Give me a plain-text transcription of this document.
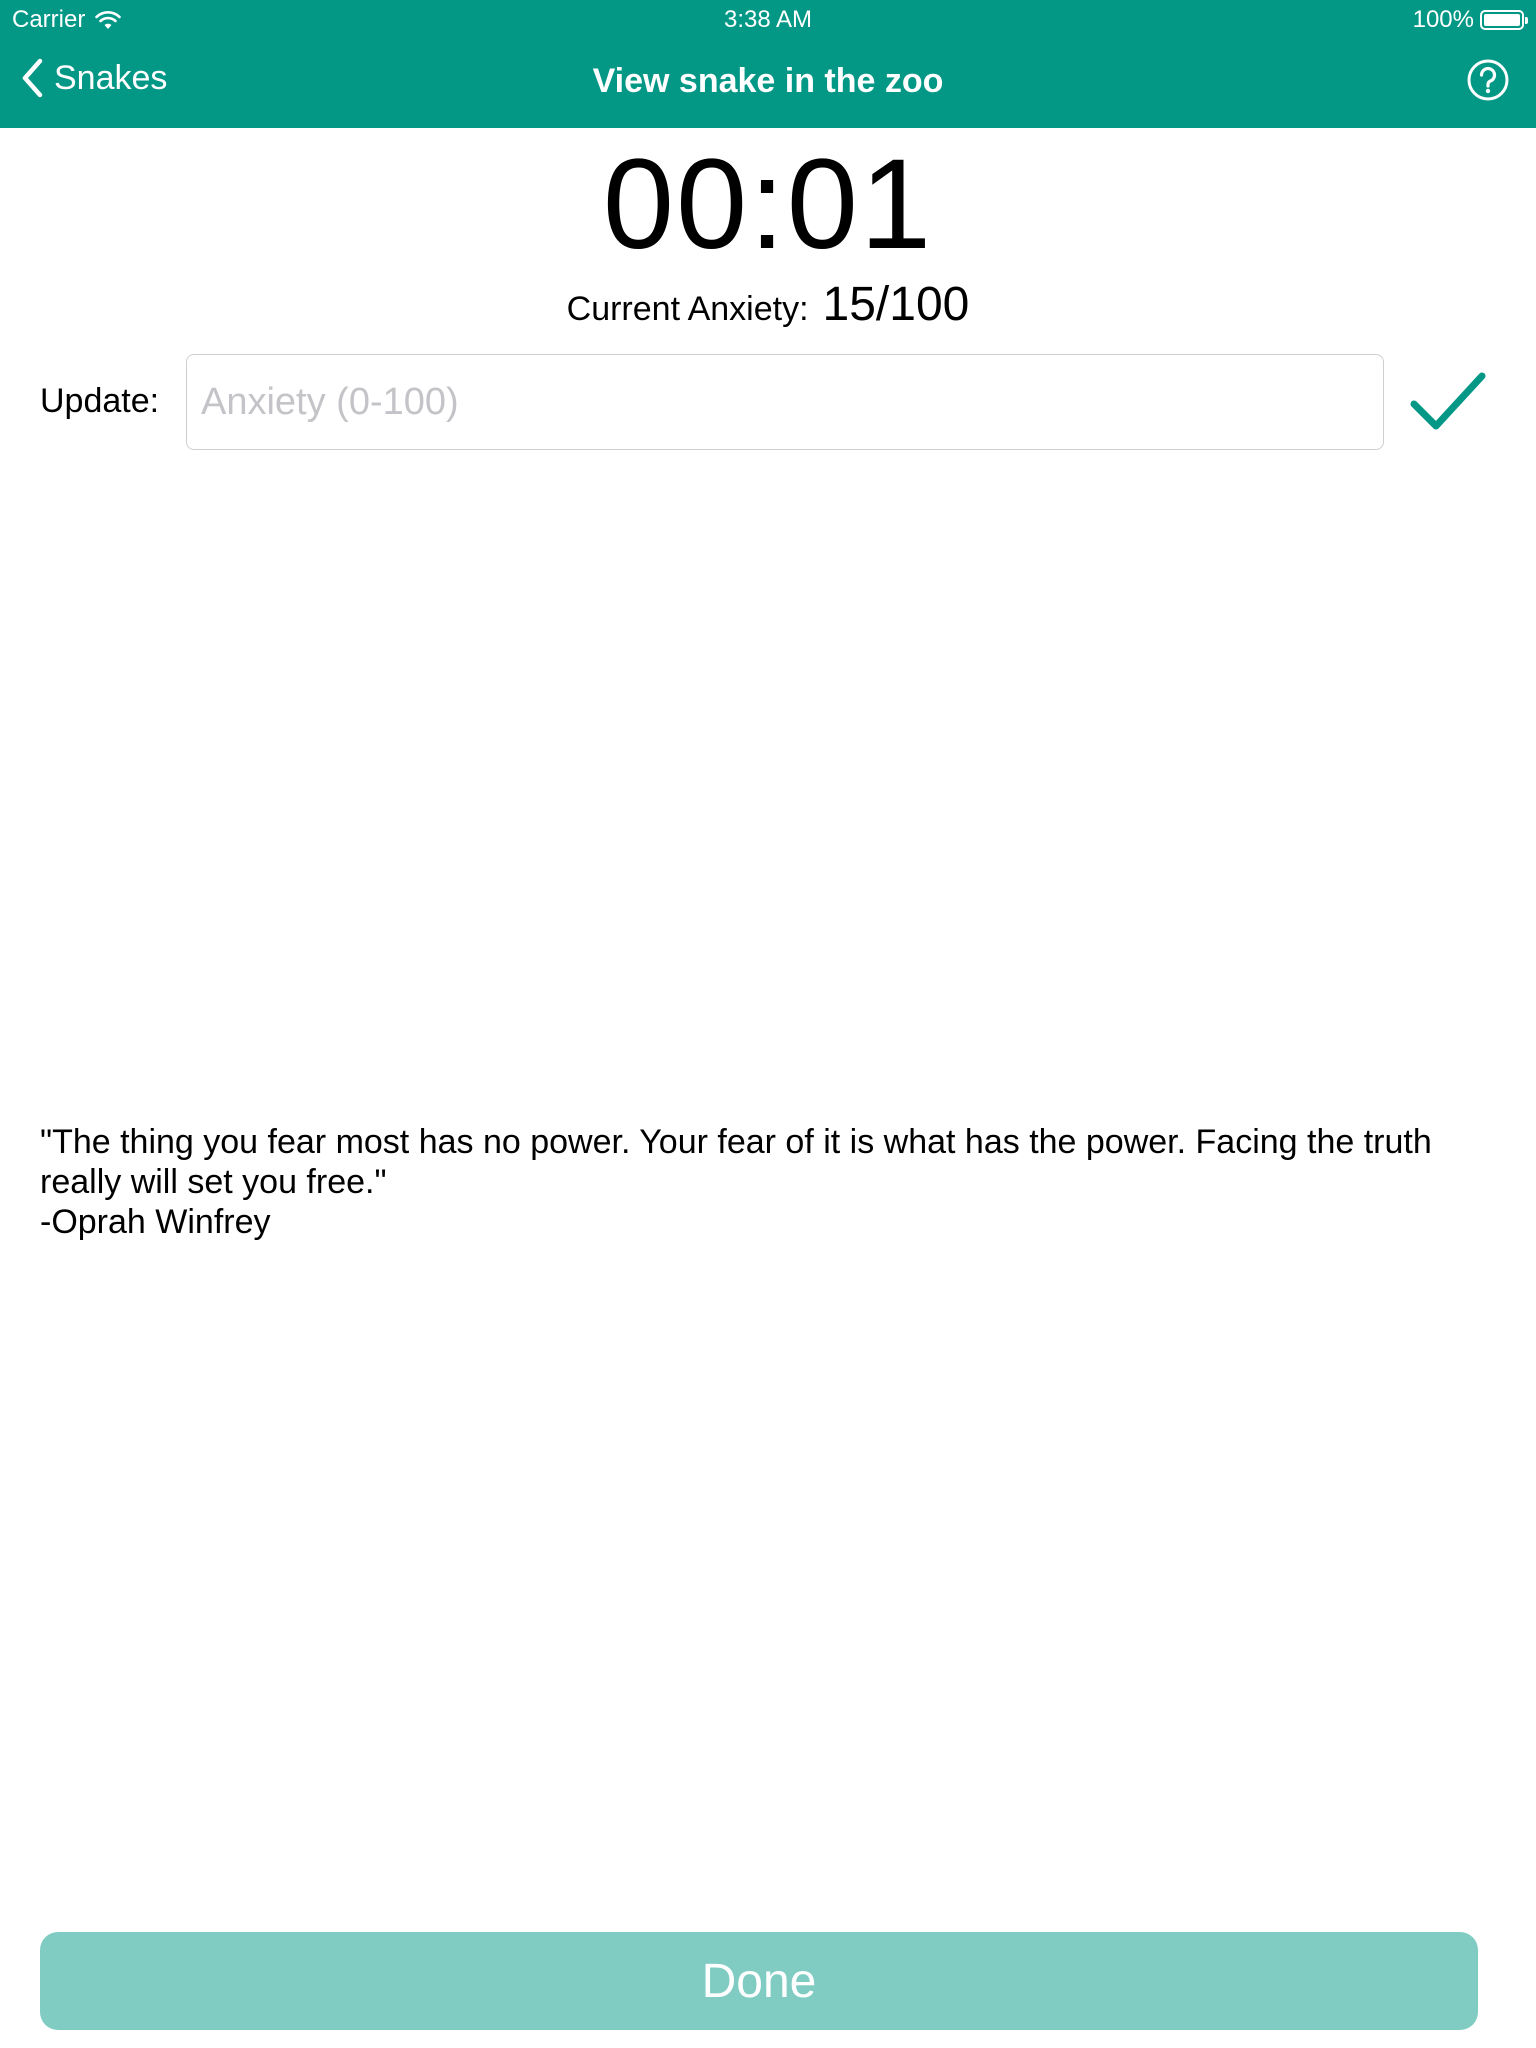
Carrier	3:38 AM	100%
Snakes	View snake in the zoo
00:01
Current Anxiety: 15/100
Update:
Anxiety (0-100)

"The thing you fear most has no power. Your fear of it is what has the power. Facing the truth really will set you free."

-Oprah Winfrey

Done
